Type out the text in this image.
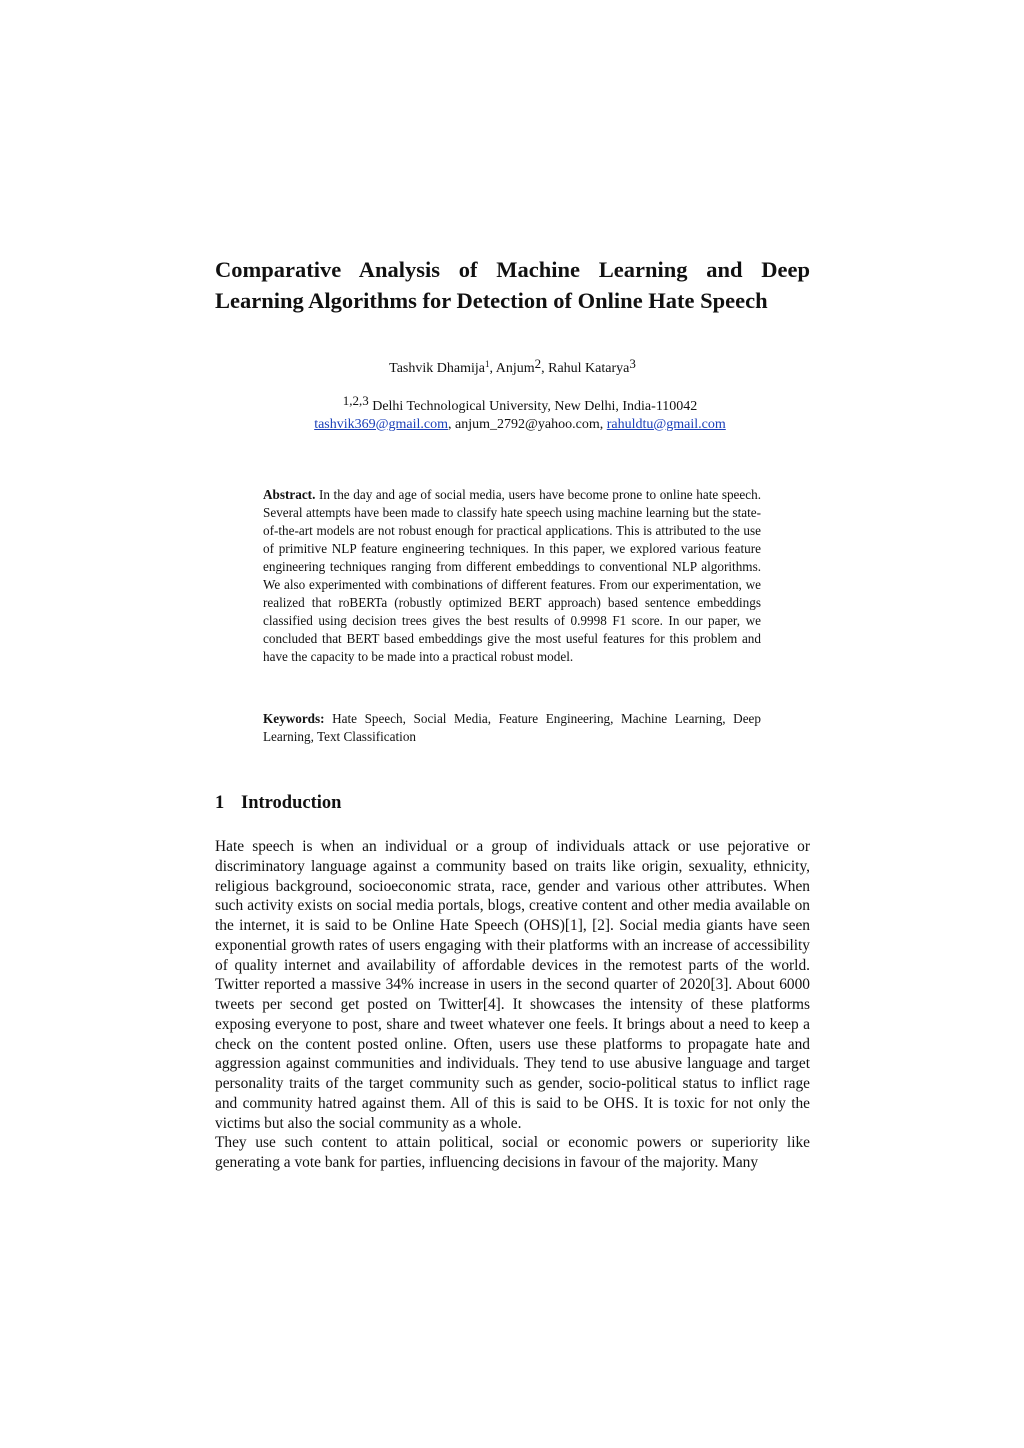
Comparative Analysis of Machine Learning and Deep
Learning Algorithms for Detection of Online Hate Speech
Tashvik Dhamija$^1$, Anjum$^2$, Rahul Katarya$^3$
1,2,3 Delhi Technological University, New Delhi, India-110042
tashvik369@gmail.com, anjum_2792@yahoo.com, rahuldtu@gmail.com

Abstract. In the day and age of social media, users have become prone to online hate speech. Several attempts have been made to classify hate speech using machine learning but the state-of-the-art models are not robust enough for practical applications. This is attributed to the use of primitive NLP feature engineering techniques. In this paper, we explored various feature engineering techniques ranging from different embeddings to conventional NLP algorithms. We also experimented with combinations of different features. From our experimentation, we realized that roBERTa (robustly optimized BERT approach) based sentence embeddings classified using decision trees gives the best results of 0.9998 F1 score. In our paper, we concluded that BERT based embeddings give the most useful features for this problem and have the capacity to be made into a practical robust model.

Keywords: Hate Speech, Social Media, Feature Engineering, Machine Learning, Deep Learning, Text Classification

1 Introduction

Hate speech is when an individual or a group of individuals attack or use pejorative or discriminatory language against a community based on traits like origin, sexuality, ethnicity, religious background, socioeconomic strata, race, gender and various other attributes. When such activity exists on social media portals, blogs, creative content and other media available on the internet, it is said to be Online Hate Speech (OHS)[1], [2]. Social media giants have seen exponential growth rates of users engaging with their platforms with an increase of accessibility of quality internet and availability of affordable devices in the remotest parts of the world. Twitter reported a massive 34% increase in users in the second quarter of 2020[3]. About 6000 tweets per second get posted on Twitter[4]. It showcases the intensity of these platforms exposing everyone to post, share and tweet whatever one feels. It brings about a need to keep a check on the content posted online. Often, users use these platforms to propagate hate and aggression against communities and individuals. They tend to use abusive language and target personality traits of the target community such as gender, socio-political status to inflict rage and community hatred against them. All of this is said to be OHS. It is toxic for not only the victims but also the social community as a whole.

They use such content to attain political, social or economic powers or superiority like generating a vote bank for parties, influencing decisions in favour of the majority. Many
